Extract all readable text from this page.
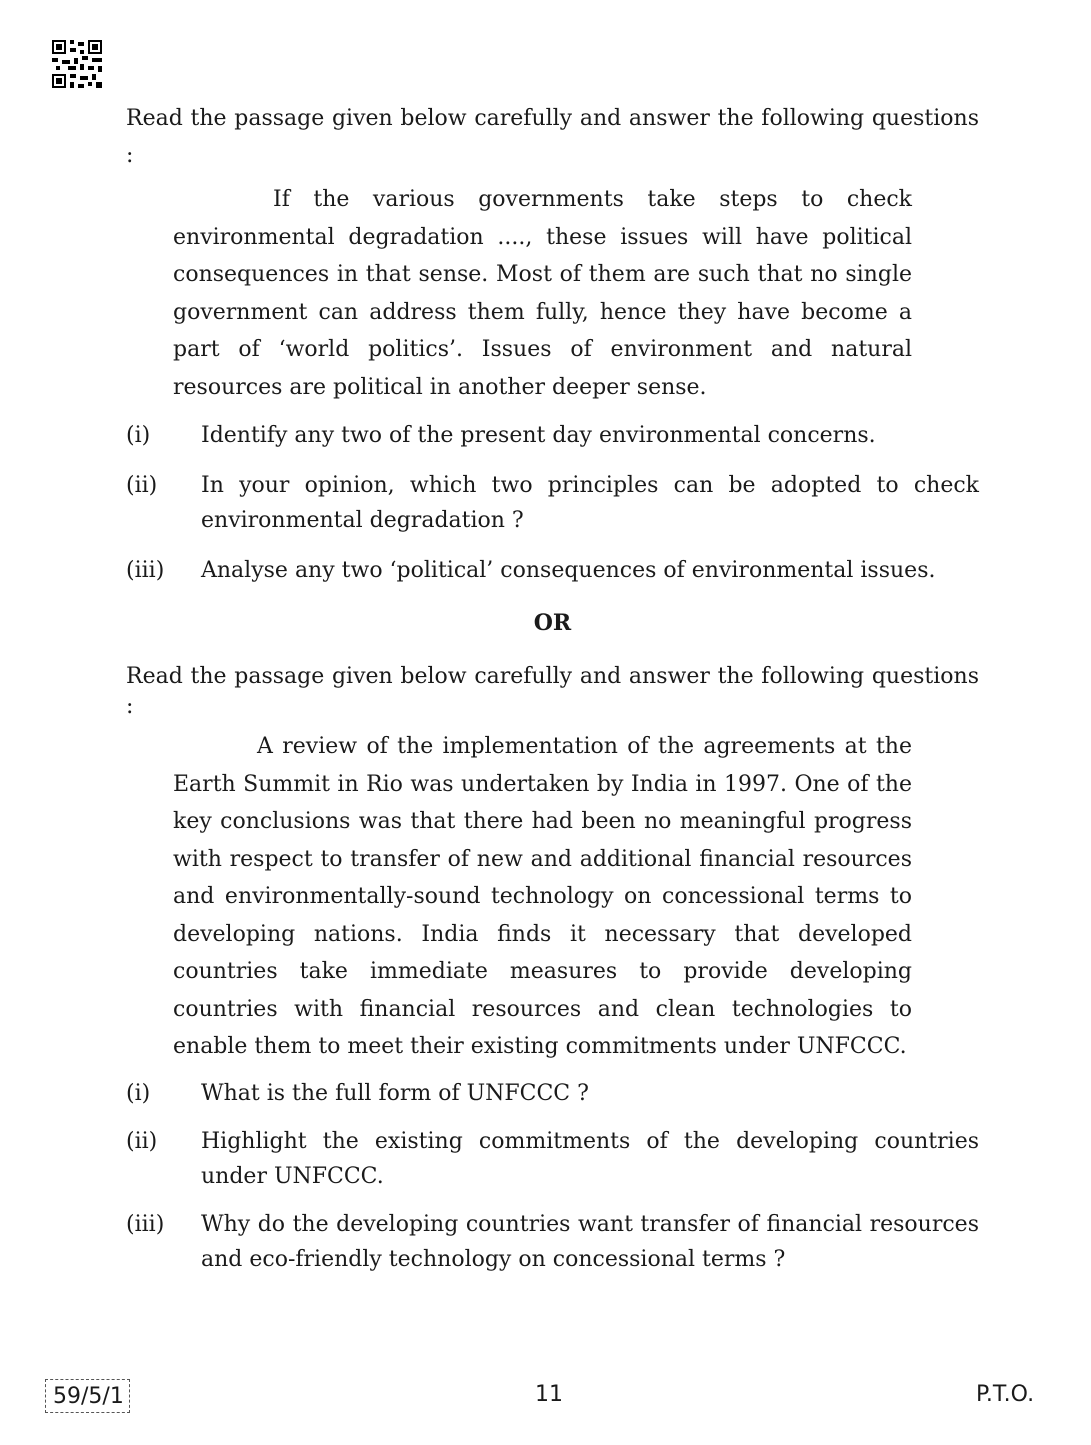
Read the passage given below carefully and answer the following questions :

If the various governments take steps to check environmental degradation ...., these issues will have political consequences in that sense. Most of them are such that no single government can address them fully, hence they have become a part of ‘world politics’. Issues of environment and natural resources are political in another deeper sense.

(i)	Identify any two of the present day environmental concerns.
(ii)	In your opinion, which two principles can be adopted to check environmental degradation ?
(iii)	Analyse any two ‘political’ consequences of environmental issues.
OR

Read the passage given below carefully and answer the following questions :

A review of the implementation of the agreements at the Earth Summit in Rio was undertaken by India in 1997. One of the key conclusions was that there had been no meaningful progress with respect to transfer of new and additional financial resources and environmentally-sound technology on concessional terms to developing nations. India finds it necessary that developed countries take immediate measures to provide developing countries with financial resources and clean technologies to enable them to meet their existing commitments under UNFCCC.

(i)	What is the full form of UNFCCC ?
(ii)	Highlight the existing commitments of the developing countries under UNFCCC.
(iii)	Why do the developing countries want transfer of financial resources and eco-friendly technology on concessional terms ?
59/5/1	11	P.T.O.
